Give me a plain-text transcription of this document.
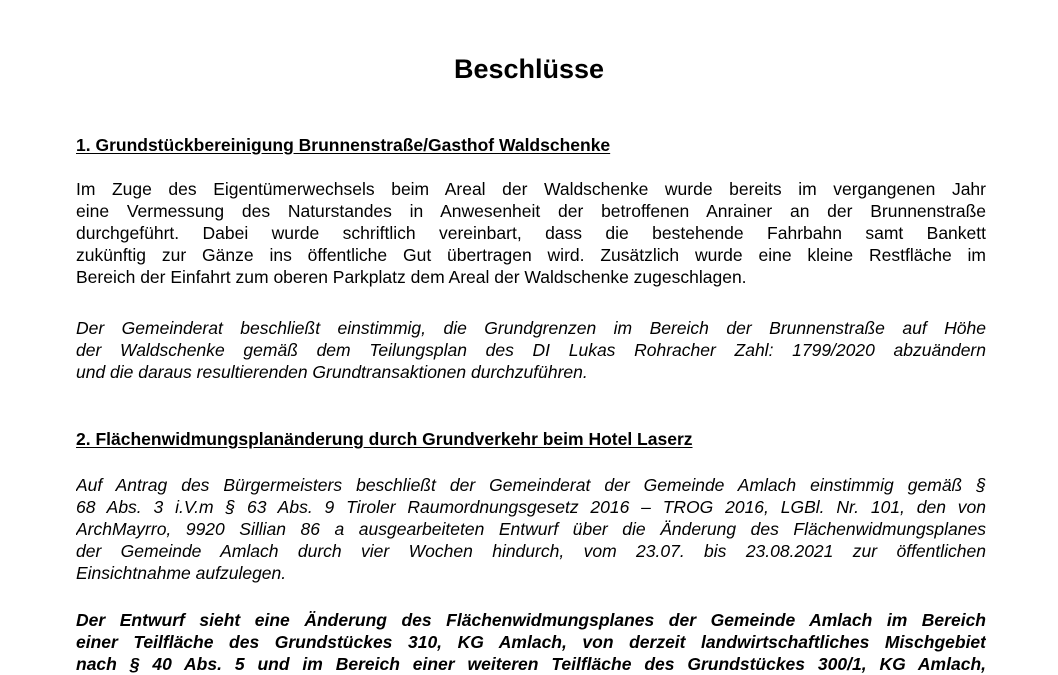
Beschlüsse
1. Grundstückbereinigung Brunnenstraße/Gasthof Waldschenke

Im Zuge des Eigentümerwechsels beim Areal der Waldschenke wurde bereits im vergangenen Jahr
eine Vermessung des Naturstandes in Anwesenheit der betroffenen Anrainer an der Brunnenstraße
durchgeführt. Dabei wurde schriftlich vereinbart, dass die bestehende Fahrbahn samt Bankett
zukünftig zur Gänze ins öffentliche Gut übertragen wird. Zusätzlich wurde eine kleine Restfläche im
Bereich der Einfahrt zum oberen Parkplatz dem Areal der Waldschenke zugeschlagen.

Der Gemeinderat beschließt einstimmig, die Grundgrenzen im Bereich der Brunnenstraße auf Höhe
der Waldschenke gemäß dem Teilungsplan des DI Lukas Rohracher Zahl: 1799/2020 abzuändern
und die daraus resultierenden Grundtransaktionen durchzuführen.

2. Flächenwidmungsplanänderung durch Grundverkehr beim Hotel Laserz

Auf Antrag des Bürgermeisters beschließt der Gemeinderat der Gemeinde Amlach einstimmig gemäß §
68 Abs. 3 i.V.m § 63 Abs. 9 Tiroler Raumordnungsgesetz 2016 – TROG 2016, LGBl. Nr. 101, den von
ArchMayrro, 9920 Sillian 86 a ausgearbeiteten Entwurf über die Änderung des Flächenwidmungsplanes
der Gemeinde Amlach durch vier Wochen hindurch, vom 23.07. bis 23.08.2021 zur öffentlichen
Einsichtnahme aufzulegen.

Der Entwurf sieht eine Änderung des Flächenwidmungsplanes der Gemeinde Amlach im Bereich
einer Teilfläche des Grundstückes 310, KG Amlach, von derzeit landwirtschaftliches Mischgebiet
nach § 40 Abs. 5 und im Bereich einer weiteren Teilfläche des Grundstückes 300/1, KG Amlach,
